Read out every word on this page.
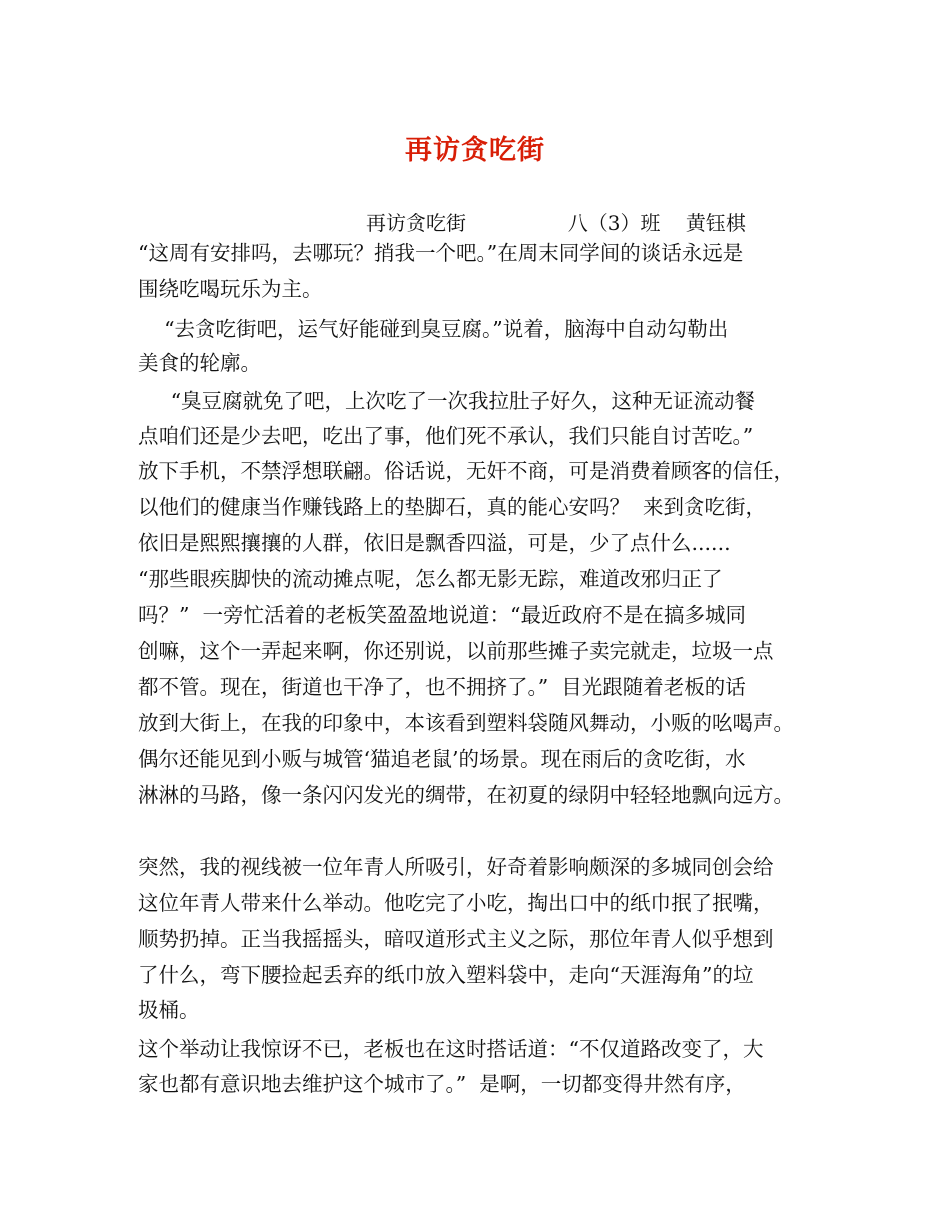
再访贪吃街
再访贪吃街	八（3）班 黄钰棋
“这周有安排吗，去哪玩？捎我一个吧。”在周末同学间的谈话永远是
围绕吃喝玩乐为主。
“去贪吃街吧，运气好能碰到臭豆腐。”说着，脑海中自动勾勒出
美食的轮廓。
“臭豆腐就免了吧，上次吃了一次我拉肚子好久，这种无证流动餐
点咱们还是少去吧，吃出了事，他们死不承认，我们只能自讨苦吃。”
放下手机，不禁浮想联翩。俗话说，无奸不商，可是消费着顾客的信任，
以他们的健康当作赚钱路上的垫脚石，真的能心安吗？  来到贪吃街，
依旧是熙熙攘攘的人群，依旧是飘香四溢，可是，少了点什么......
“那些眼疾脚快的流动摊点呢，怎么都无影无踪，难道改邪归正了
吗？”  一旁忙活着的老板笑盈盈地说道：“最近政府不是在搞多城同
创嘛，这个一弄起来啊，你还别说，以前那些摊子卖完就走，垃圾一点
都不管。现在，街道也干净了，也不拥挤了。”  目光跟随着老板的话
放到大街上，在我的印象中，本该看到塑料袋随风舞动，小贩的吆喝声。
偶尔还能见到小贩与城管‘猫追老鼠’的场景。现在雨后的贪吃街，水
淋淋的马路，像一条闪闪发光的绸带，在初夏的绿阴中轻轻地飘向远方。
突然，我的视线被一位年青人所吸引，好奇着影响颇深的多城同创会给
这位年青人带来什么举动。他吃完了小吃，掏出口中的纸巾抿了抿嘴，
顺势扔掉。正当我摇摇头，暗叹道形式主义之际，那位年青人似乎想到
了什么，弯下腰捡起丢弃的纸巾放入塑料袋中，走向“天涯海角”的垃
圾桶。
这个举动让我惊讶不已，老板也在这时搭话道：“不仅道路改变了，大
家也都有意识地去维护这个城市了。”  是啊，一切都变得井然有序，
